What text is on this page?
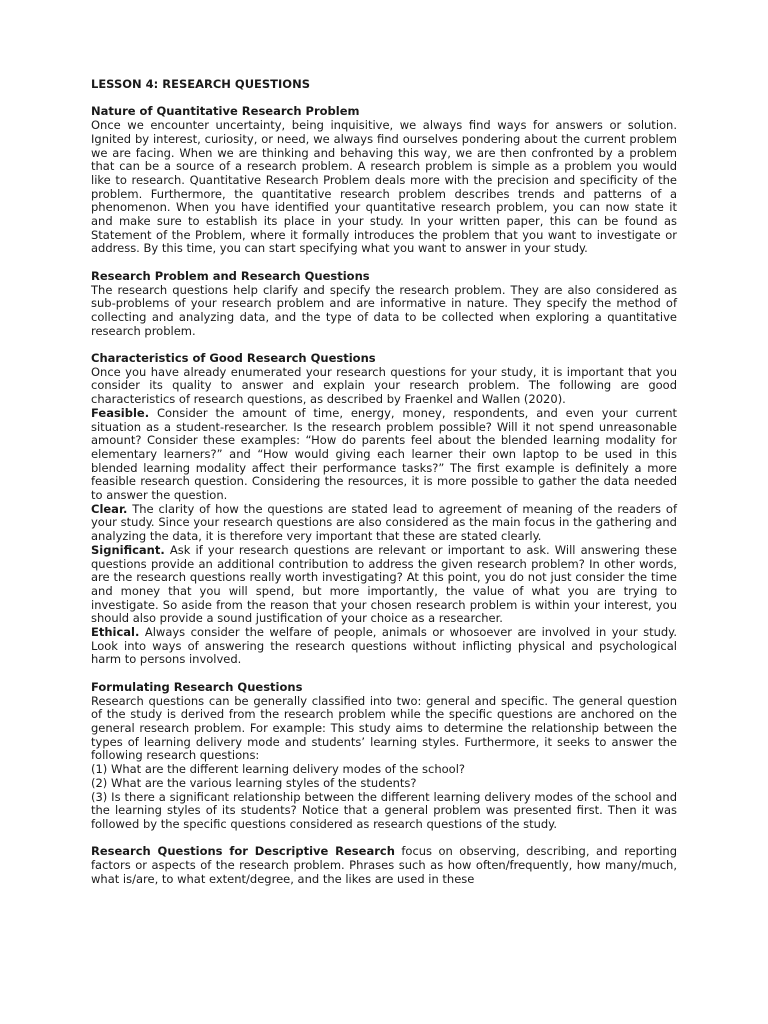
LESSON 4: RESEARCH QUESTIONS
Nature of Quantitative Research Problem

Once we encounter uncertainty, being inquisitive, we always find ways for answers or solution. Ignited by interest, curiosity, or need, we always find ourselves pondering about the current problem we are facing. When we are thinking and behaving this way, we are then confronted by a problem that can be a source of a research problem. A research problem is simple as a problem you would like to research. Quantitative Research Problem deals more with the precision and specificity of the problem. Furthermore, the quantitative research problem describes trends and patterns of a phenomenon. When you have identified your quantitative research problem, you can now state it and make sure to establish its place in your study. In your written paper, this can be found as Statement of the Problem, where it formally introduces the problem that you want to investigate or address. By this time, you can start specifying what you want to answer in your study.

Research Problem and Research Questions

The research questions help clarify and specify the research problem. They are also considered as sub-problems of your research problem and are informative in nature. They specify the method of collecting and analyzing data, and the type of data to be collected when exploring a quantitative research problem.

Characteristics of Good Research Questions

Once you have already enumerated your research questions for your study, it is important that you consider its quality to answer and explain your research problem. The following are good characteristics of research questions, as described by Fraenkel and Wallen (2020).

Feasible. Consider the amount of time, energy, money, respondents, and even your current situation as a student-researcher. Is the research problem possible? Will it not spend unreasonable amount? Consider these examples: “How do parents feel about the blended learning modality for elementary learners?” and “How would giving each learner their own laptop to be used in this blended learning modality affect their performance tasks?” The first example is definitely a more feasible research question. Considering the resources, it is more possible to gather the data needed to answer the question.

Clear. The clarity of how the questions are stated lead to agreement of meaning of the readers of your study. Since your research questions are also considered as the main focus in the gathering and analyzing the data, it is therefore very important that these are stated clearly.

Significant. Ask if your research questions are relevant or important to ask. Will answering these questions provide an additional contribution to address the given research problem? In other words, are the research questions really worth investigating? At this point, you do not just consider the time and money that you will spend, but more importantly, the value of what you are trying to investigate. So aside from the reason that your chosen research problem is within your interest, you should also provide a sound justification of your choice as a researcher.

Ethical. Always consider the welfare of people, animals or whosoever are involved in your study. Look into ways of answering the research questions without inflicting physical and psychological harm to persons involved.

Formulating Research Questions

Research questions can be generally classified into two: general and specific. The general question of the study is derived from the research problem while the specific questions are anchored on the general research problem. For example: This study aims to determine the relationship between the types of learning delivery mode and students’ learning styles. Furthermore, it seeks to answer the following research questions:

(1) What are the different learning delivery modes of the school?

(2) What are the various learning styles of the students?

(3) Is there a significant relationship between the different learning delivery modes of the school and the learning styles of its students? Notice that a general problem was presented first. Then it was followed by the specific questions considered as research questions of the study.

Research Questions for Descriptive Research focus on observing, describing, and reporting factors or aspects of the research problem. Phrases such as how often/frequently, how many/much, what is/are, to what extent/degree, and the likes are used in these
